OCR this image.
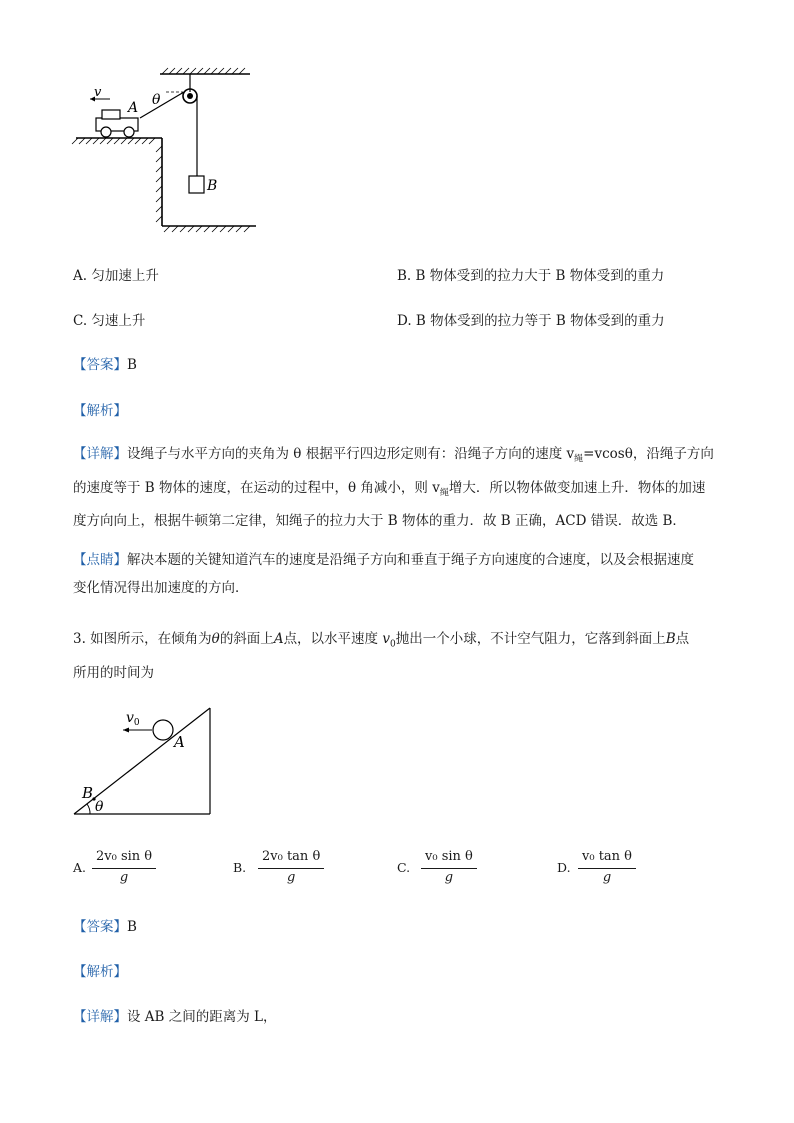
v
A θ
B
A. 匀加速上升	B. B 物体受到的拉力大于 B 物体受到的重力
C. 匀速上升	D. B 物体受到的拉力等于 B 物体受到的重力
【答案】B
【解析】
【详解】设绳子与水平方向的夹角为 θ 根据平行四边形定则有：沿绳子方向的速度 $v_绳=vcos\theta$，沿绳子方向
的速度等于 B 物体的速度，在运动的过程中，θ 角减小，则 $v_绳$增大．所以物体做变加速上升．物体的加速
度方向向上，根据牛顿第二定律，知绳子的拉力大于 B 物体的重力．故 B 正确，ACD 错误．故选 B．
【点睛】解决本题的关键知道汽车的速度是沿绳子方向和垂直于绳子方向速度的合速度，以及会根据速度
变化情况得出加速度的方向．
3. 如图所示，在倾角为θ的斜面上A点，以水平速度 $v_0$抛出一个小球，不计空气阻力，它落到斜面上B点
所用的时间为
$v_0$
A
B
θ
A. $\frac{\text{2v₀ sin θ}}{g}$	B. $\frac{\text{2v₀ tan θ}}{g}$	C. $\frac{\text{v₀ sin θ}}{g}$	D. $\frac{\text{v₀ tan θ}}{g}$
【答案】B
【解析】
【详解】设 AB 之间的距离为 L，
